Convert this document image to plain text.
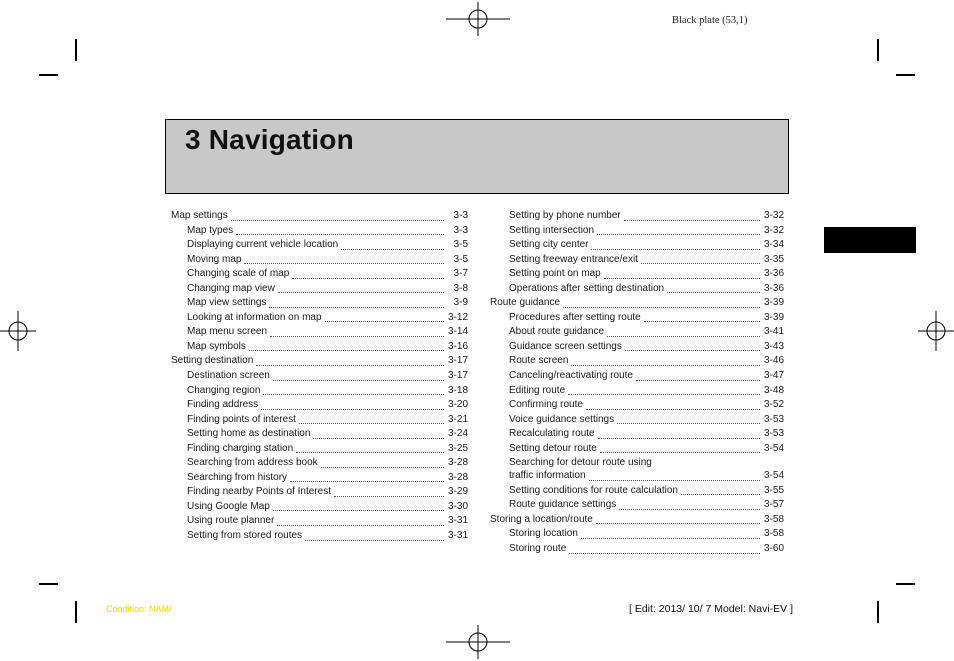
Black plate (53,1)
3 Navigation
Map settings	3-3
Map types	3-3
Displaying current vehicle location	3-5
Moving map	3-5
Changing scale of map	3-7
Changing map view	3-8
Map view settings	3-9
Looking at information on map	3-12
Map menu screen	3-14
Map symbols	3-16
Setting destination	3-17
Destination screen	3-17
Changing region	3-18
Finding address	3-20
Finding points of interest	3-21
Setting home as destination	3-24
Finding charging station	3-25
Searching from address book	3-28
Searching from history	3-28
Finding nearby Points of Interest	3-29
Using Google Map	3-30
Using route planner	3-31
Setting from stored routes	3-31
Setting by phone number	3-32
Setting intersection	3-32
Setting city center	3-34
Setting freeway entrance/exit	3-35
Setting point on map	3-36
Operations after setting destination	3-36
Route guidance	3-39
Procedures after setting route	3-39
About route guidance	3-41
Guidance screen settings	3-43
Route screen	3-46
Canceling/reactivating route	3-47
Editing route	3-48
Confirming route	3-52
Voice guidance settings	3-53
Recalculating route	3-53
Setting detour route	3-54
Searching for detour route using
traffic information	3-54
Setting conditions for route calculation	3-55
Route guidance settings	3-57
Storing a location/route	3-58
Storing location	3-58
Storing route	3-60
Condition: NAM/	[ Edit: 2013/ 10/ 7 Model: Navi-EV ]
